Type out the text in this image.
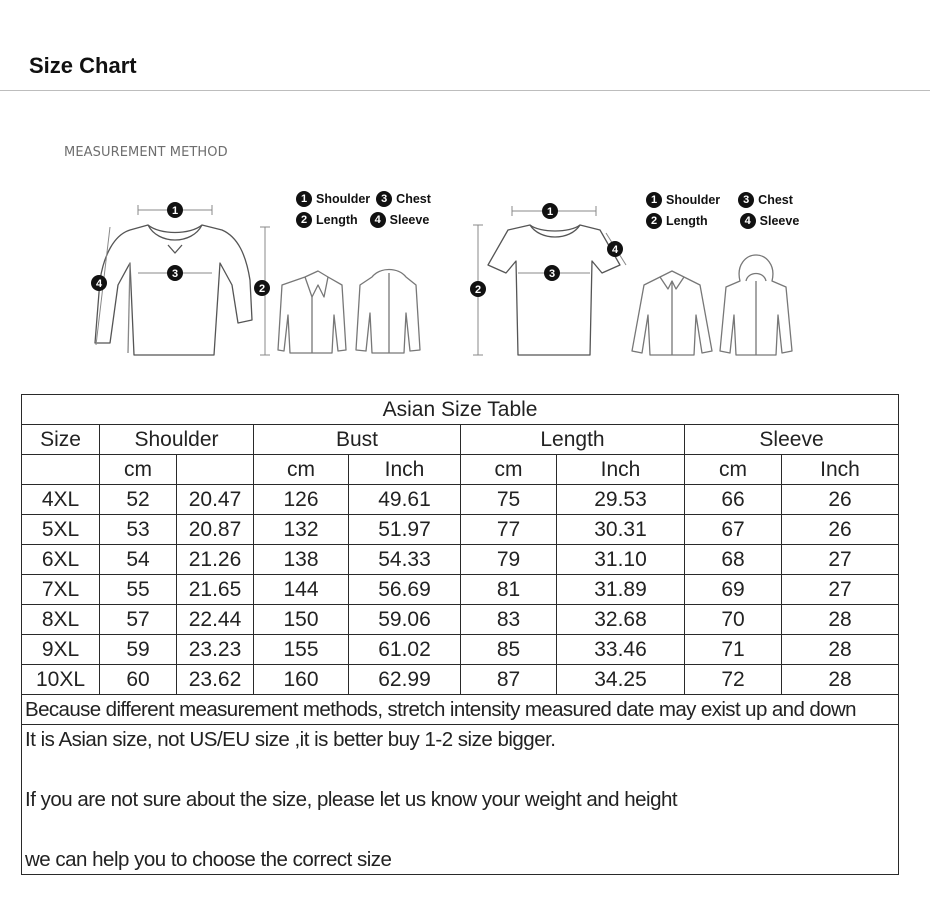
Size Chart
MEASUREMENT METHOD
1
3
2
4
1
3
2
4
1 Shoulder 3 Chest
2 Length	4 Sleeve
1 Shoulder	3 Chest
2 Length	4 Sleeve
Asian Size Table								
Size	Shoulder		Bust		Length		Sleeve	
	cm		cm	Inch	cm	Inch	cm	Inch
4XL	52	20.47	126	49.61	75	29.53	66	26
5XL	53	20.87	132	51.97	77	30.31	67	26
6XL	54	21.26	138	54.33	79	31.10	68	27
7XL	55	21.65	144	56.69	81	31.89	69	27
8XL	57	22.44	150	59.06	83	32.68	70	28
9XL	59	23.23	155	61.02	85	33.46	71	28
10XL	60	23.62	160	62.99	87	34.25	72	28
Because different measurement methods, stretch intensity measured date may exist up and down								

It is Asian size, not US/EU size ,it is better buy 1-2 size bigger.

If you are not sure about the size, please let us know your weight and height

we can help you to choose the correct size								
